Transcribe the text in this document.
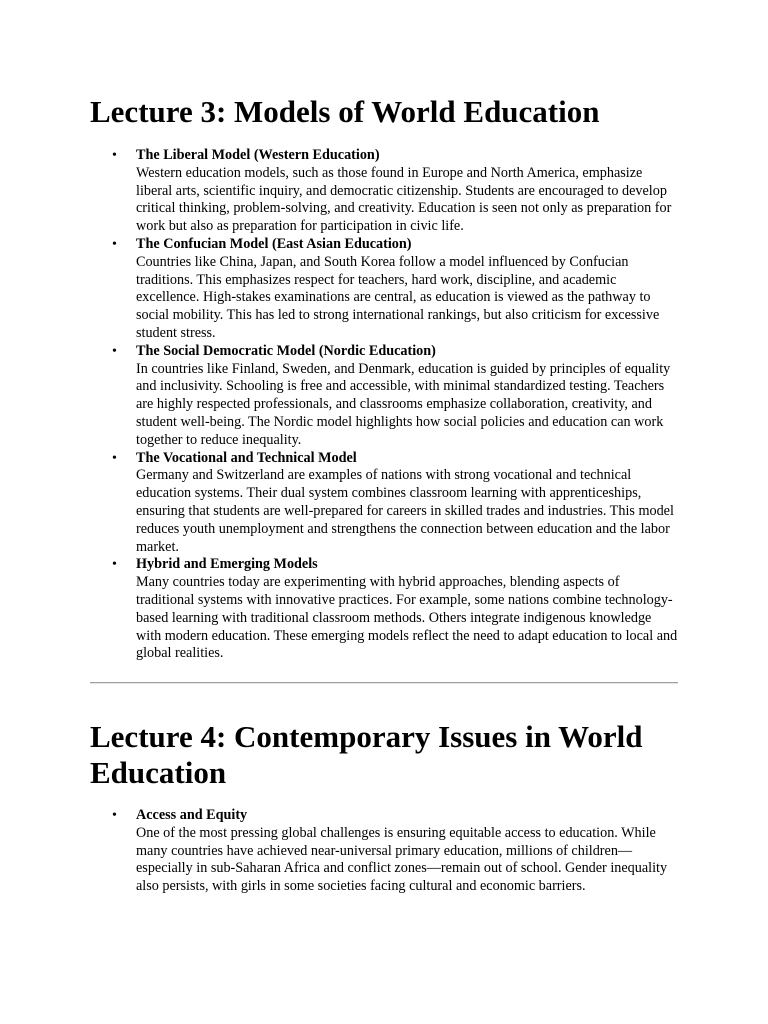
Lecture 3: Models of World Education
• The Liberal Model (Western Education)
Western education models, such as those found in Europe and North America, emphasize liberal arts, scientific inquiry, and democratic citizenship. Students are encouraged to develop critical thinking, problem-solving, and creativity. Education is seen not only as preparation for work but also as preparation for participation in civic life.
• The Confucian Model (East Asian Education)
Countries like China, Japan, and South Korea follow a model influenced by Confucian traditions. This emphasizes respect for teachers, hard work, discipline, and academic excellence. High-stakes examinations are central, as education is viewed as the pathway to social mobility. This has led to strong international rankings, but also criticism for excessive student stress.
• The Social Democratic Model (Nordic Education)
In countries like Finland, Sweden, and Denmark, education is guided by principles of equality and inclusivity. Schooling is free and accessible, with minimal standardized testing. Teachers are highly respected professionals, and classrooms emphasize collaboration, creativity, and student well-being. The Nordic model highlights how social policies and education can work together to reduce inequality.
• The Vocational and Technical Model
Germany and Switzerland are examples of nations with strong vocational and technical education systems. Their dual system combines classroom learning with apprenticeships, ensuring that students are well-prepared for careers in skilled trades and industries. This model reduces youth unemployment and strengthens the connection between education and the labor market.
• Hybrid and Emerging Models
Many countries today are experimenting with hybrid approaches, blending aspects of traditional systems with innovative practices. For example, some nations combine technology-based learning with traditional classroom methods. Others integrate indigenous knowledge with modern education. These emerging models reflect the need to adapt education to local and global realities.
Lecture 4: Contemporary Issues in World Education
• Access and Equity
One of the most pressing global challenges is ensuring equitable access to education. While many countries have achieved near-universal primary education, millions of children—especially in sub-Saharan Africa and conflict zones—remain out of school. Gender inequality also persists, with girls in some societies facing cultural and economic barriers.
